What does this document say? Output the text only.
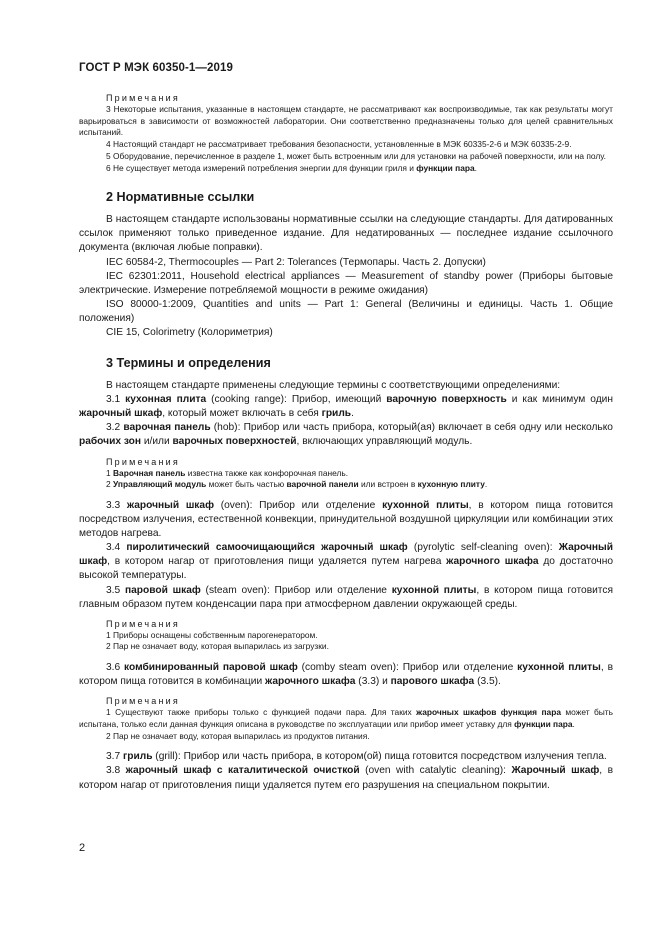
ГОСТ Р МЭК 60350-1—2019
Примечания

3 Некоторые испытания, указанные в настоящем стандарте, не рассматривают как воспроизводимые, так как результаты могут варьироваться в зависимости от возможностей лаборатории. Они соответственно предназначены только для целей сравнительных испытаний.

4 Настоящий стандарт не рассматривает требования безопасности, установленные в МЭК 60335-2-6 и МЭК 60335-2-9.

5 Оборудование, перечисленное в разделе 1, может быть встроенным или для установки на рабочей поверхности, или на полу.

6 Не существует метода измерений потребления энергии для функции гриля и функции пара.

2 Нормативные ссылки

В настоящем стандарте использованы нормативные ссылки на следующие стандарты. Для датированных ссылок применяют только приведенное издание. Для недатированных — последнее издание ссылочного документа (включая любые поправки).

IEC 60584-2, Thermocouples — Part 2: Tolerances (Термопары. Часть 2. Допуски)

IEC 62301:2011, Household electrical appliances — Measurement of standby power (Приборы бытовые электрические. Измерение потребляемой мощности в режиме ожидания)

ISO 80000-1:2009, Quantities and units — Part 1: General (Величины и единицы. Часть 1. Общие положения)

CIE 15, Colorimetry (Колориметрия)

3 Термины и определения

В настоящем стандарте применены следующие термины с соответствующими определениями:

3.1 кухонная плита (cooking range): Прибор, имеющий варочную поверхность и как минимум один жарочный шкаф, который может включать в себя гриль.

3.2 варочная панель (hob): Прибор или часть прибора, который(ая) включает в себя одну или несколько рабочих зон и/или варочных поверхностей, включающих управляющий модуль.

Примечания

1 Варочная панель известна также как конфорочная панель.

2 Управляющий модуль может быть частью варочной панели или встроен в кухонную плиту.

3.3 жарочный шкаф (oven): Прибор или отделение кухонной плиты, в котором пища готовится посредством излучения, естественной конвекции, принудительной воздушной циркуляции или комбинации этих методов нагрева.

3.4 пиролитический самоочищающийся жарочный шкаф (pyrolytic self-cleaning oven): Жарочный шкаф, в котором нагар от приготовления пищи удаляется путем нагрева жарочного шкафа до достаточно высокой температуры.

3.5 паровой шкаф (steam oven): Прибор или отделение кухонной плиты, в котором пища готовится главным образом путем конденсации пара при атмосферном давлении окружающей среды.

Примечания

1 Приборы оснащены собственным парогенератором.

2 Пар не означает воду, которая выпарилась из загрузки.

3.6 комбинированный паровой шкаф (comby steam oven): Прибор или отделение кухонной плиты, в котором пища готовится в комбинации жарочного шкафа (3.3) и парового шкафа (3.5).

Примечания

1 Существуют также приборы только с функцией подачи пара. Для таких жарочных шкафов функция пара может быть испытана, только если данная функция описана в руководстве по эксплуатации или прибор имеет уставку для функции пара.

2 Пар не означает воду, которая выпарилась из продуктов питания.

3.7 гриль (grill): Прибор или часть прибора, в котором(ой) пища готовится посредством излучения тепла.

3.8 жарочный шкаф с каталитической очисткой (oven with catalytic cleaning): Жарочный шкаф, в котором нагар от приготовления пищи удаляется путем его разрушения на специальном покрытии.

2
